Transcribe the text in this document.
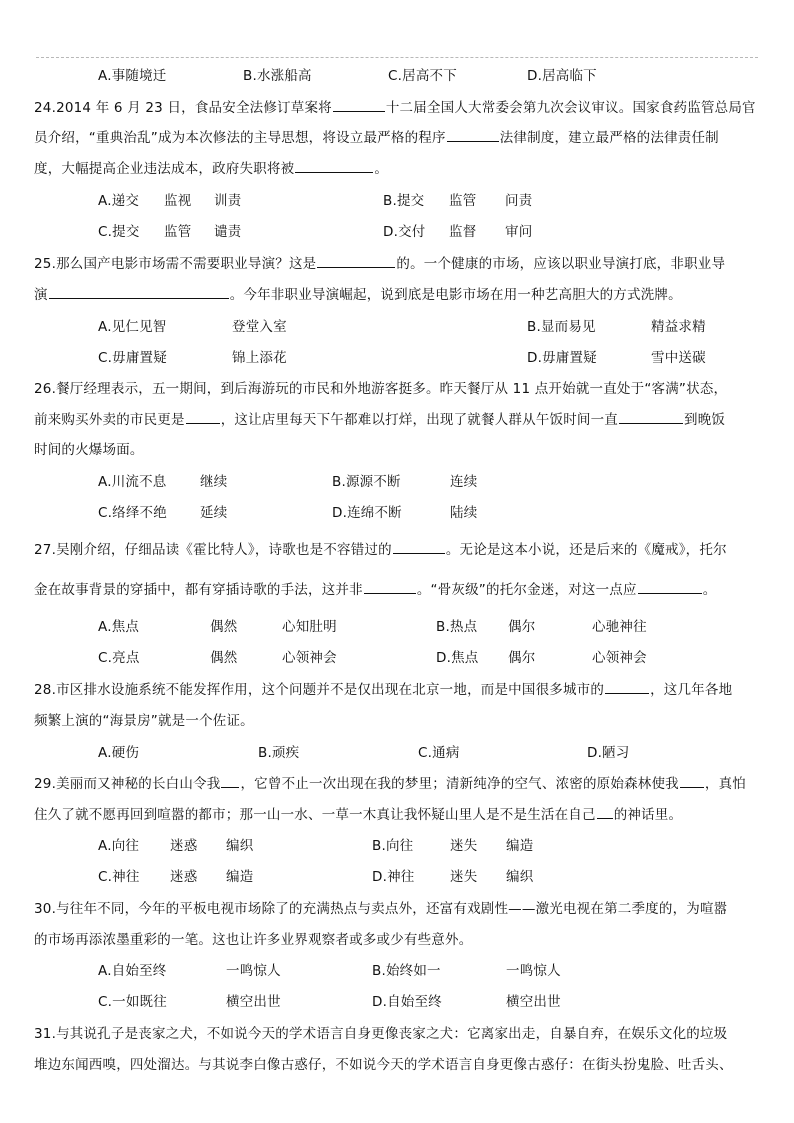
A.事随境迁	B.水涨船高	C.居高不下	D.居高临下
24.2014 年 6 月 23 日，食品安全法修订草案将	十二届全国人大常委会第九次会议审议。国家食药监管总局官
员介绍，“重典治乱”成为本次修法的主导思想，将设立最严格的程序	法律制度，建立最严格的法律责任制
度，大幅提高企业违法成本，政府失职将被	。
A.递交 监视 训责	B.提交 监管 问责
C.提交 监管 谴责	D.交付 监督 审问
25.那么国产电影市场需不需要职业导演？这是	的。一个健康的市场，应该以职业导演打底，非职业导
演	。今年非职业导演崛起，说到底是电影市场在用一种艺高胆大的方式洗牌。
A.见仁见智	登堂入室	B.显而易见	精益求精
C.毋庸置疑	锦上添花	D.毋庸置疑	雪中送碳
26.餐厅经理表示，五一期间，到后海游玩的市民和外地游客挺多。昨天餐厅从 11 点开始就一直处于“客满”状态，
前来购买外卖的市民更是	，这让店里每天下午都难以打烊，出现了就餐人群从午饭时间一直	到晚饭
时间的火爆场面。
A.川流不息 继续	B.源源不断	连续
C.络绎不绝 延续	D.连绵不断	陆续
27.吴刚介绍，仔细品读《霍比特人》，诗歌也是不容错过的	。无论是这本小说，还是后来的《魔戒》，托尔
金在故事背景的穿插中，都有穿插诗歌的手法，这并非	。“骨灰级”的托尔金迷，对这一点应	。
A.焦点	偶然	心知肚明	B.热点 偶尔	心驰神往
C.亮点	偶然	心领神会	D.焦点 偶尔	心领神会
28.市区排水设施系统不能发挥作用，这个问题并不是仅出现在北京一地，而是中国很多城市的	，这几年各地
频繁上演的“海景房”就是一个佐证。
A.硬伤	B.顽疾	C.通病	D.陋习
29.美丽而又神秘的长白山令我 ，它曾不止一次出现在我的梦里；清新纯净的空气、浓密的原始森林使我 ，真怕
住久了就不愿再回到喧嚣的都市；那一山一水、一草一木真让我怀疑山里人是不是生活在自己 的神话里。
A.向往 迷惑 编织	B.向往	迷失 编造
C.神往 迷惑 编造	D.神往	迷失 编织
30.与往年不同，今年的平板电视市场除了的充满热点与卖点外，还富有戏剧性——激光电视在第二季度的，为喧嚣
的市场再添浓墨重彩的一笔。这也让许多业界观察者或多或少有些意外。
A.自始至终	一鸣惊人	B.始终如一	一鸣惊人
C.一如既往	横空出世	D.自始至终	横空出世
31.与其说孔子是丧家之犬，不如说今天的学术语言自身更像丧家之犬：它离家出走，自暴自弃，在娱乐文化的垃圾
堆边东闻西嗅，四处溜达。与其说李白像古惑仔，不如说今天的学术语言自身更像古惑仔：在街头扮鬼脸、吐舌头、
